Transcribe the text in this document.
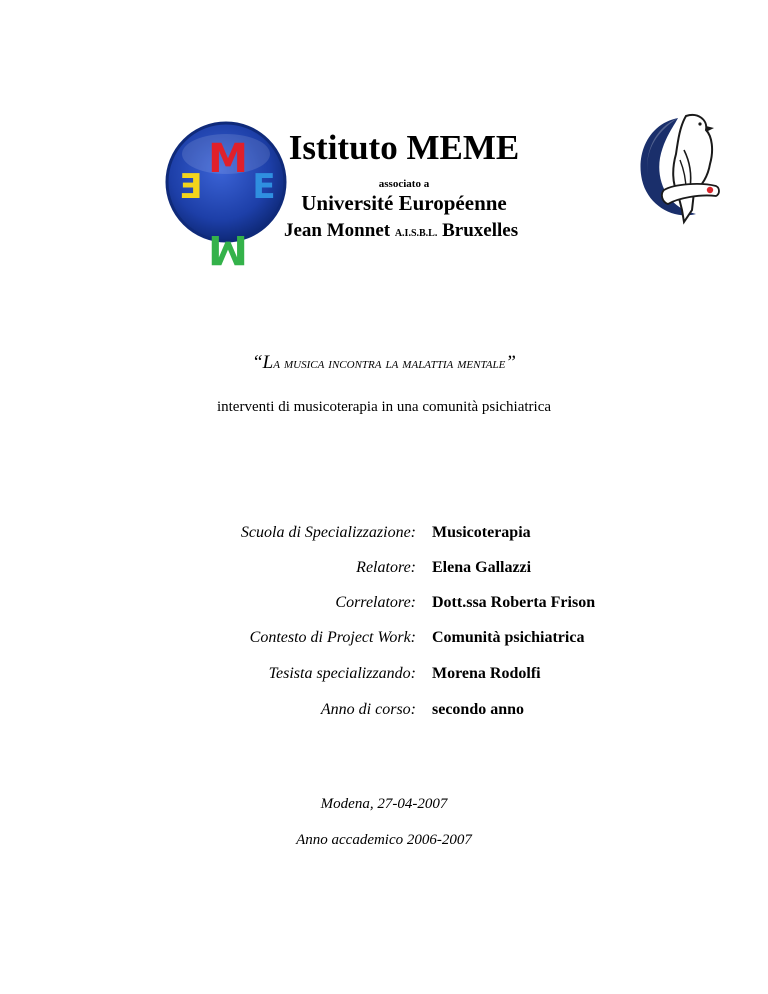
M
E
M
E
Istituto MEME
associato a
Université Européenne
Jean Monnet A.I.S.B.L. Bruxelles
“La musica incontra la malattia mentale”
interventi di musicoterapia in una comunità psichiatrica
Scuola di Specializzazione: Musicoterapia
Relatore: Elena Gallazzi
Correlatore: Dott.ssa Roberta Frison
Contesto di Project Work: Comunità psichiatrica
Tesista specializzando: Morena Rodolfi
Anno di corso: secondo anno
Modena, 27-04-2007
Anno accademico 2006-2007
